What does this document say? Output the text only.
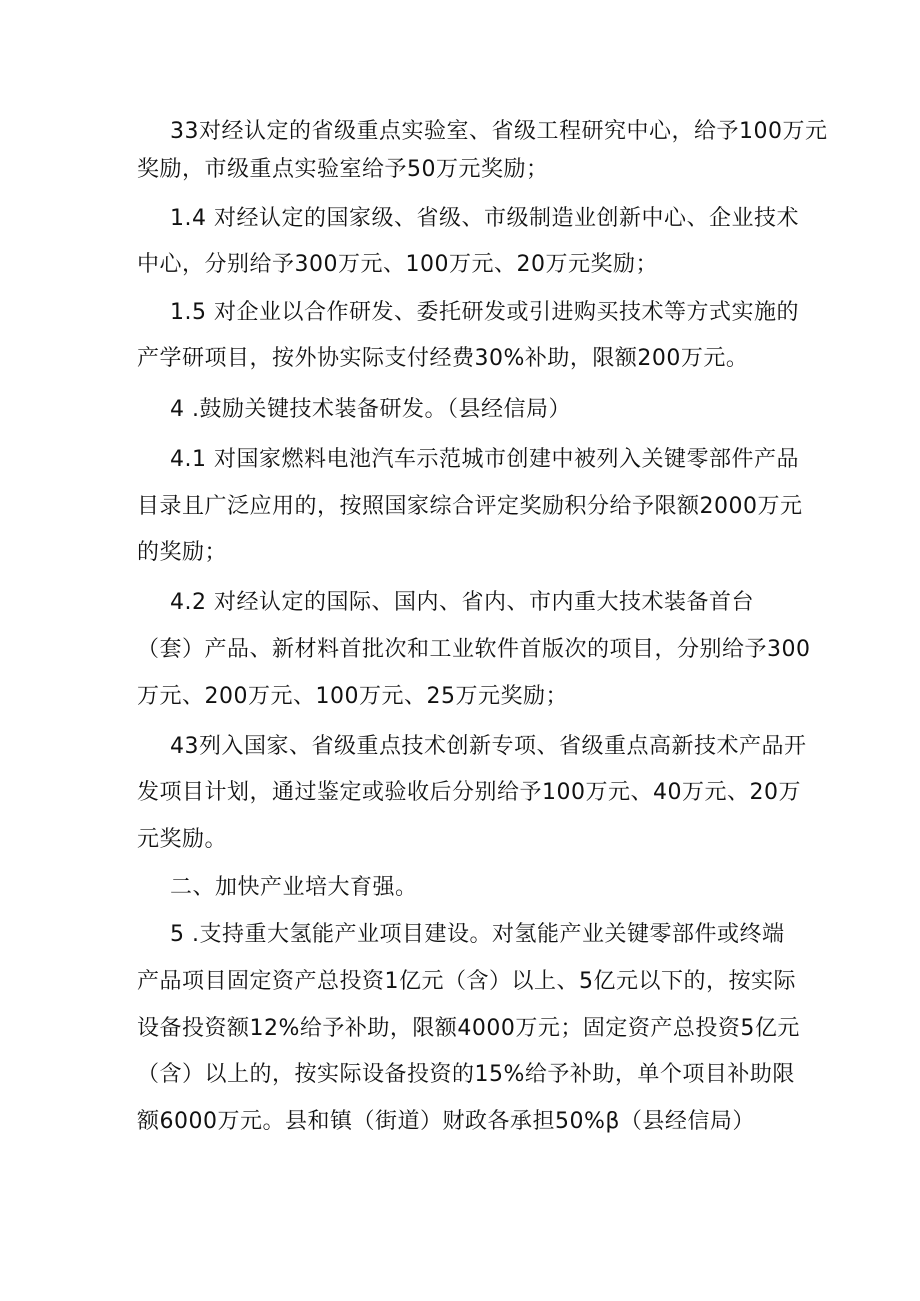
33对经认定的省级重点实验室、省级工程研究中心，给予100万元
奖励，市级重点实验室给予50万元奖励；
1.4 对经认定的国家级、省级、市级制造业创新中心、企业技术
中心，分别给予300万元、100万元、20万元奖励；
1.5 对企业以合作研发、委托研发或引进购买技术等方式实施的
产学研项目，按外协实际支付经费30%补助，限额200万元。
4 .鼓励关键技术装备研发。（县经信局）
4.1 对国家燃料电池汽车示范城市创建中被列入关键零部件产品
目录且广泛应用的，按照国家综合评定奖励积分给予限额2000万元
的奖励；
4.2 对经认定的国际、国内、省内、市内重大技术装备首台
（套）产品、新材料首批次和工业软件首版次的项目，分别给予300
万元、200万元、100万元、25万元奖励；
43列入国家、省级重点技术创新专项、省级重点高新技术产品开
发项目计划，通过鉴定或验收后分别给予100万元、40万元、20万
元奖励。
二、加快产业培大育强。
5 .支持重大氢能产业项目建设。对氢能产业关键零部件或终端
产品项目固定资产总投资1亿元（含）以上、5亿元以下的，按实际
设备投资额12%给予补助，限额4000万元；固定资产总投资5亿元
（含）以上的，按实际设备投资的15%给予补助，单个项目补助限
额6000万元。县和镇（街道）财政各承担50%β（县经信局）
